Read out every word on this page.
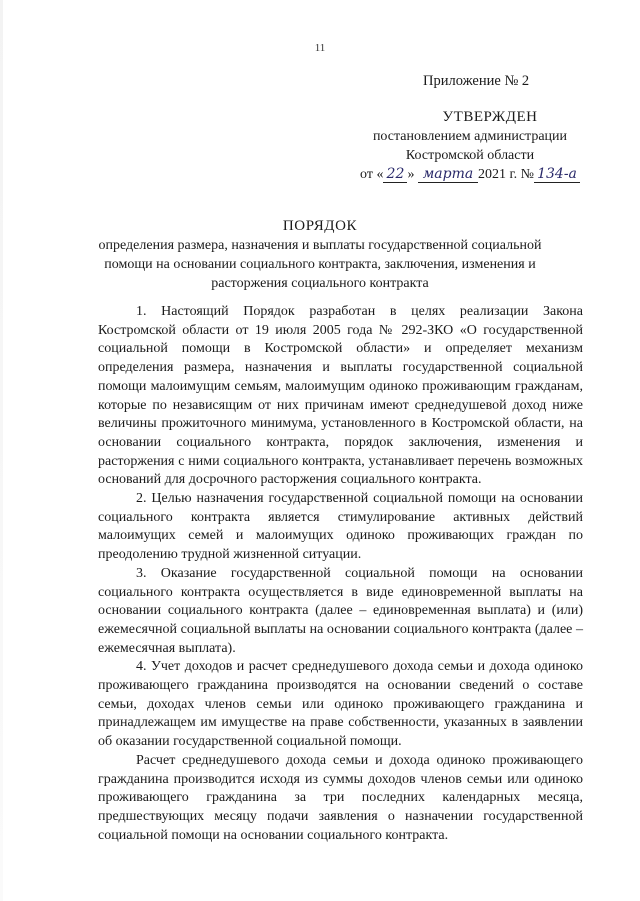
11
Приложение № 2
УТВЕРЖДЕН
постановлением администрации
Костромской области
от « 22 » марта 2021 г. № 134-а
ПОРЯДОК
определения размера, назначения и выплаты государственной социальной помощи на основании социального контракта, заключения, изменения и расторжения социального контракта

1. Настоящий Порядок разработан в целях реализации Закона Костромской области от 19 июля 2005 года № 292-ЗКО «О государственной социальной помощи в Костромской области» и определяет механизм определения размера, назначения и выплаты государственной социальной помощи малоимущим семьям, малоимущим одиноко проживающим гражданам, которые по независящим от них причинам имеют среднедушевой доход ниже величины прожиточного минимума, установленного в Костромской области, на основании социального контракта, порядок заключения, изменения и расторжения с ними социального контракта, устанавливает перечень возможных оснований для досрочного расторжения социального контракта.

2. Целью назначения государственной социальной помощи на основании социального контракта является стимулирование активных действий малоимущих семей и малоимущих одиноко проживающих граждан по преодолению трудной жизненной ситуации.

3. Оказание государственной социальной помощи на основании социального контракта осуществляется в виде единовременной выплаты на основании социального контракта (далее – единовременная выплата) и (или) ежемесячной социальной выплаты на основании социального контракта (далее – ежемесячная выплата).

4. Учет доходов и расчет среднедушевого дохода семьи и дохода одиноко проживающего гражданина производятся на основании сведений о составе семьи, доходах членов семьи или одиноко проживающего гражданина и принадлежащем им имуществе на праве собственности, указанных в заявлении об оказании государственной социальной помощи.

Расчет среднедушевого дохода семьи и дохода одиноко проживающего гражданина производится исходя из суммы доходов членов семьи или одиноко проживающего гражданина за три последних календарных месяца, предшествующих месяцу подачи заявления о назначении государственной социальной помощи на основании социального контракта.
